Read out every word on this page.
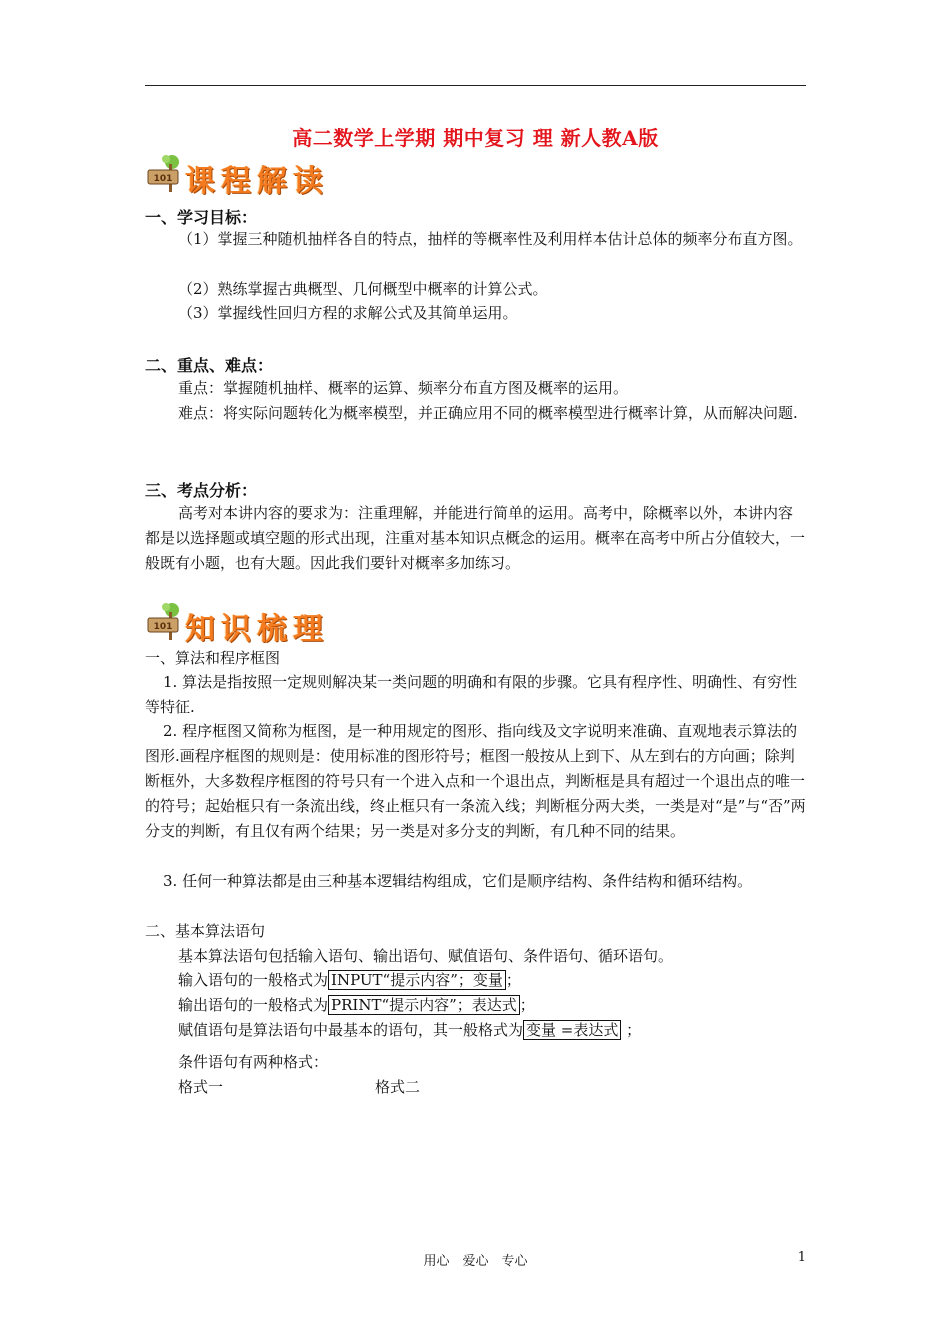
高二数学上学期 期中复习 理 新人教A版
101 课程解读
一、学习目标：
（1）掌握三种随机抽样各自的特点，抽样的等概率性及利用样本估计总体的频率分布直方图。
（2）熟练掌握古典概型、几何概型中概率的计算公式。
（3）掌握线性回归方程的求解公式及其简单运用。
二、重点、难点：
重点：掌握随机抽样、概率的运算、频率分布直方图及概率的运用。
难点：将实际问题转化为概率模型，并正确应用不同的概率模型进行概率计算，从而解决问题.
三、考点分析：
高考对本讲内容的要求为：注重理解，并能进行简单的运用。高考中，除概率以外，本讲内容都是以选择题或填空题的形式出现，注重对基本知识点概念的运用。概率在高考中所占分值较大，一般既有小题，也有大题。因此我们要针对概率多加练习。
101 知识梳理
一、算法和程序框图
1. 算法是指按照一定规则解决某一类问题的明确和有限的步骤。它具有程序性、明确性、有穷性等特征.
2. 程序框图又简称为框图，是一种用规定的图形、指向线及文字说明来准确、直观地表示算法的图形.画程序框图的规则是：使用标准的图形符号；框图一般按从上到下、从左到右的方向画；除判断框外，大多数程序框图的符号只有一个进入点和一个退出点，判断框是具有超过一个退出点的唯一的符号；起始框只有一条流出线，终止框只有一条流入线；判断框分两大类，一类是对“是”与“否”两分支的判断，有且仅有两个结果；另一类是对多分支的判断，有几种不同的结果。
3. 任何一种算法都是由三种基本逻辑结构组成，它们是顺序结构、条件结构和循环结构。
二、基本算法语句
基本算法语句包括输入语句、输出语句、赋值语句、条件语句、循环语句。
输入语句的一般格式为 INPUT“提示内容”；变量 ；
输出语句的一般格式为 PRINT“提示内容”；表达式 ；
赋值语句是算法语句中最基本的语句，其一般格式为 变量 =表达式 ；
条件语句有两种格式：
格式一	格式二
用心　爱心　专心	1
